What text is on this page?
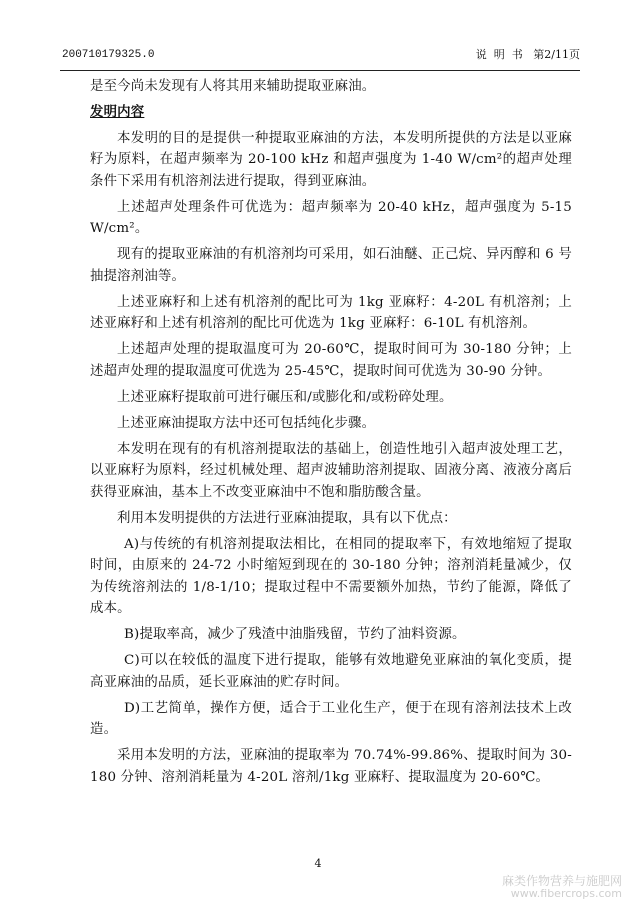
200710179325.0	说  明  书 第2/11页

是至今尚未发现有人将其用来辅助提取亚麻油。

发明内容

本发明的目的是提供一种提取亚麻油的方法，本发明所提供的方法是以亚麻籽为原料，在超声频率为 20-100 kHz 和超声强度为 1-40 W/cm²的超声处理条件下采用有机溶剂法进行提取，得到亚麻油。

上述超声处理条件可优选为：超声频率为 20-40 kHz，超声强度为 5-15 W/cm²。

现有的提取亚麻油的有机溶剂均可采用，如石油醚、正己烷、异丙醇和 6 号抽提溶剂油等。

上述亚麻籽和上述有机溶剂的配比可为 1kg 亚麻籽：4-20L 有机溶剂；上述亚麻籽和上述有机溶剂的配比可优选为 1kg 亚麻籽：6-10L 有机溶剂。

上述超声处理的提取温度可为 20-60℃，提取时间可为 30-180 分钟；上述超声处理的提取温度可优选为 25-45℃，提取时间可优选为 30-90 分钟。

上述亚麻籽提取前可进行碾压和/或膨化和/或粉碎处理。

上述亚麻油提取方法中还可包括纯化步骤。

本发明在现有的有机溶剂提取法的基础上，创造性地引入超声波处理工艺，以亚麻籽为原料，经过机械处理、超声波辅助溶剂提取、固液分离、液液分离后获得亚麻油，基本上不改变亚麻油中不饱和脂肪酸含量。

利用本发明提供的方法进行亚麻油提取，具有以下优点：

A)与传统的有机溶剂提取法相比，在相同的提取率下，有效地缩短了提取时间，由原来的 24-72 小时缩短到现在的 30-180 分钟；溶剂消耗量减少，仅为传统溶剂法的 1/8-1/10；提取过程中不需要额外加热，节约了能源，降低了成本。

B)提取率高，减少了残渣中油脂残留，节约了油料资源。

C)可以在较低的温度下进行提取，能够有效地避免亚麻油的氧化变质，提高亚麻油的品质，延长亚麻油的贮存时间。

D)工艺简单，操作方便，适合于工业化生产，便于在现有溶剂法技术上改造。

采用本发明的方法，亚麻油的提取率为 70.74%-99.86%、提取时间为 30-180 分钟、溶剂消耗量为 4-20L 溶剂/1kg 亚麻籽、提取温度为 20-60℃。

4
麻类作物营养与施肥网
www.fibercrops.com
